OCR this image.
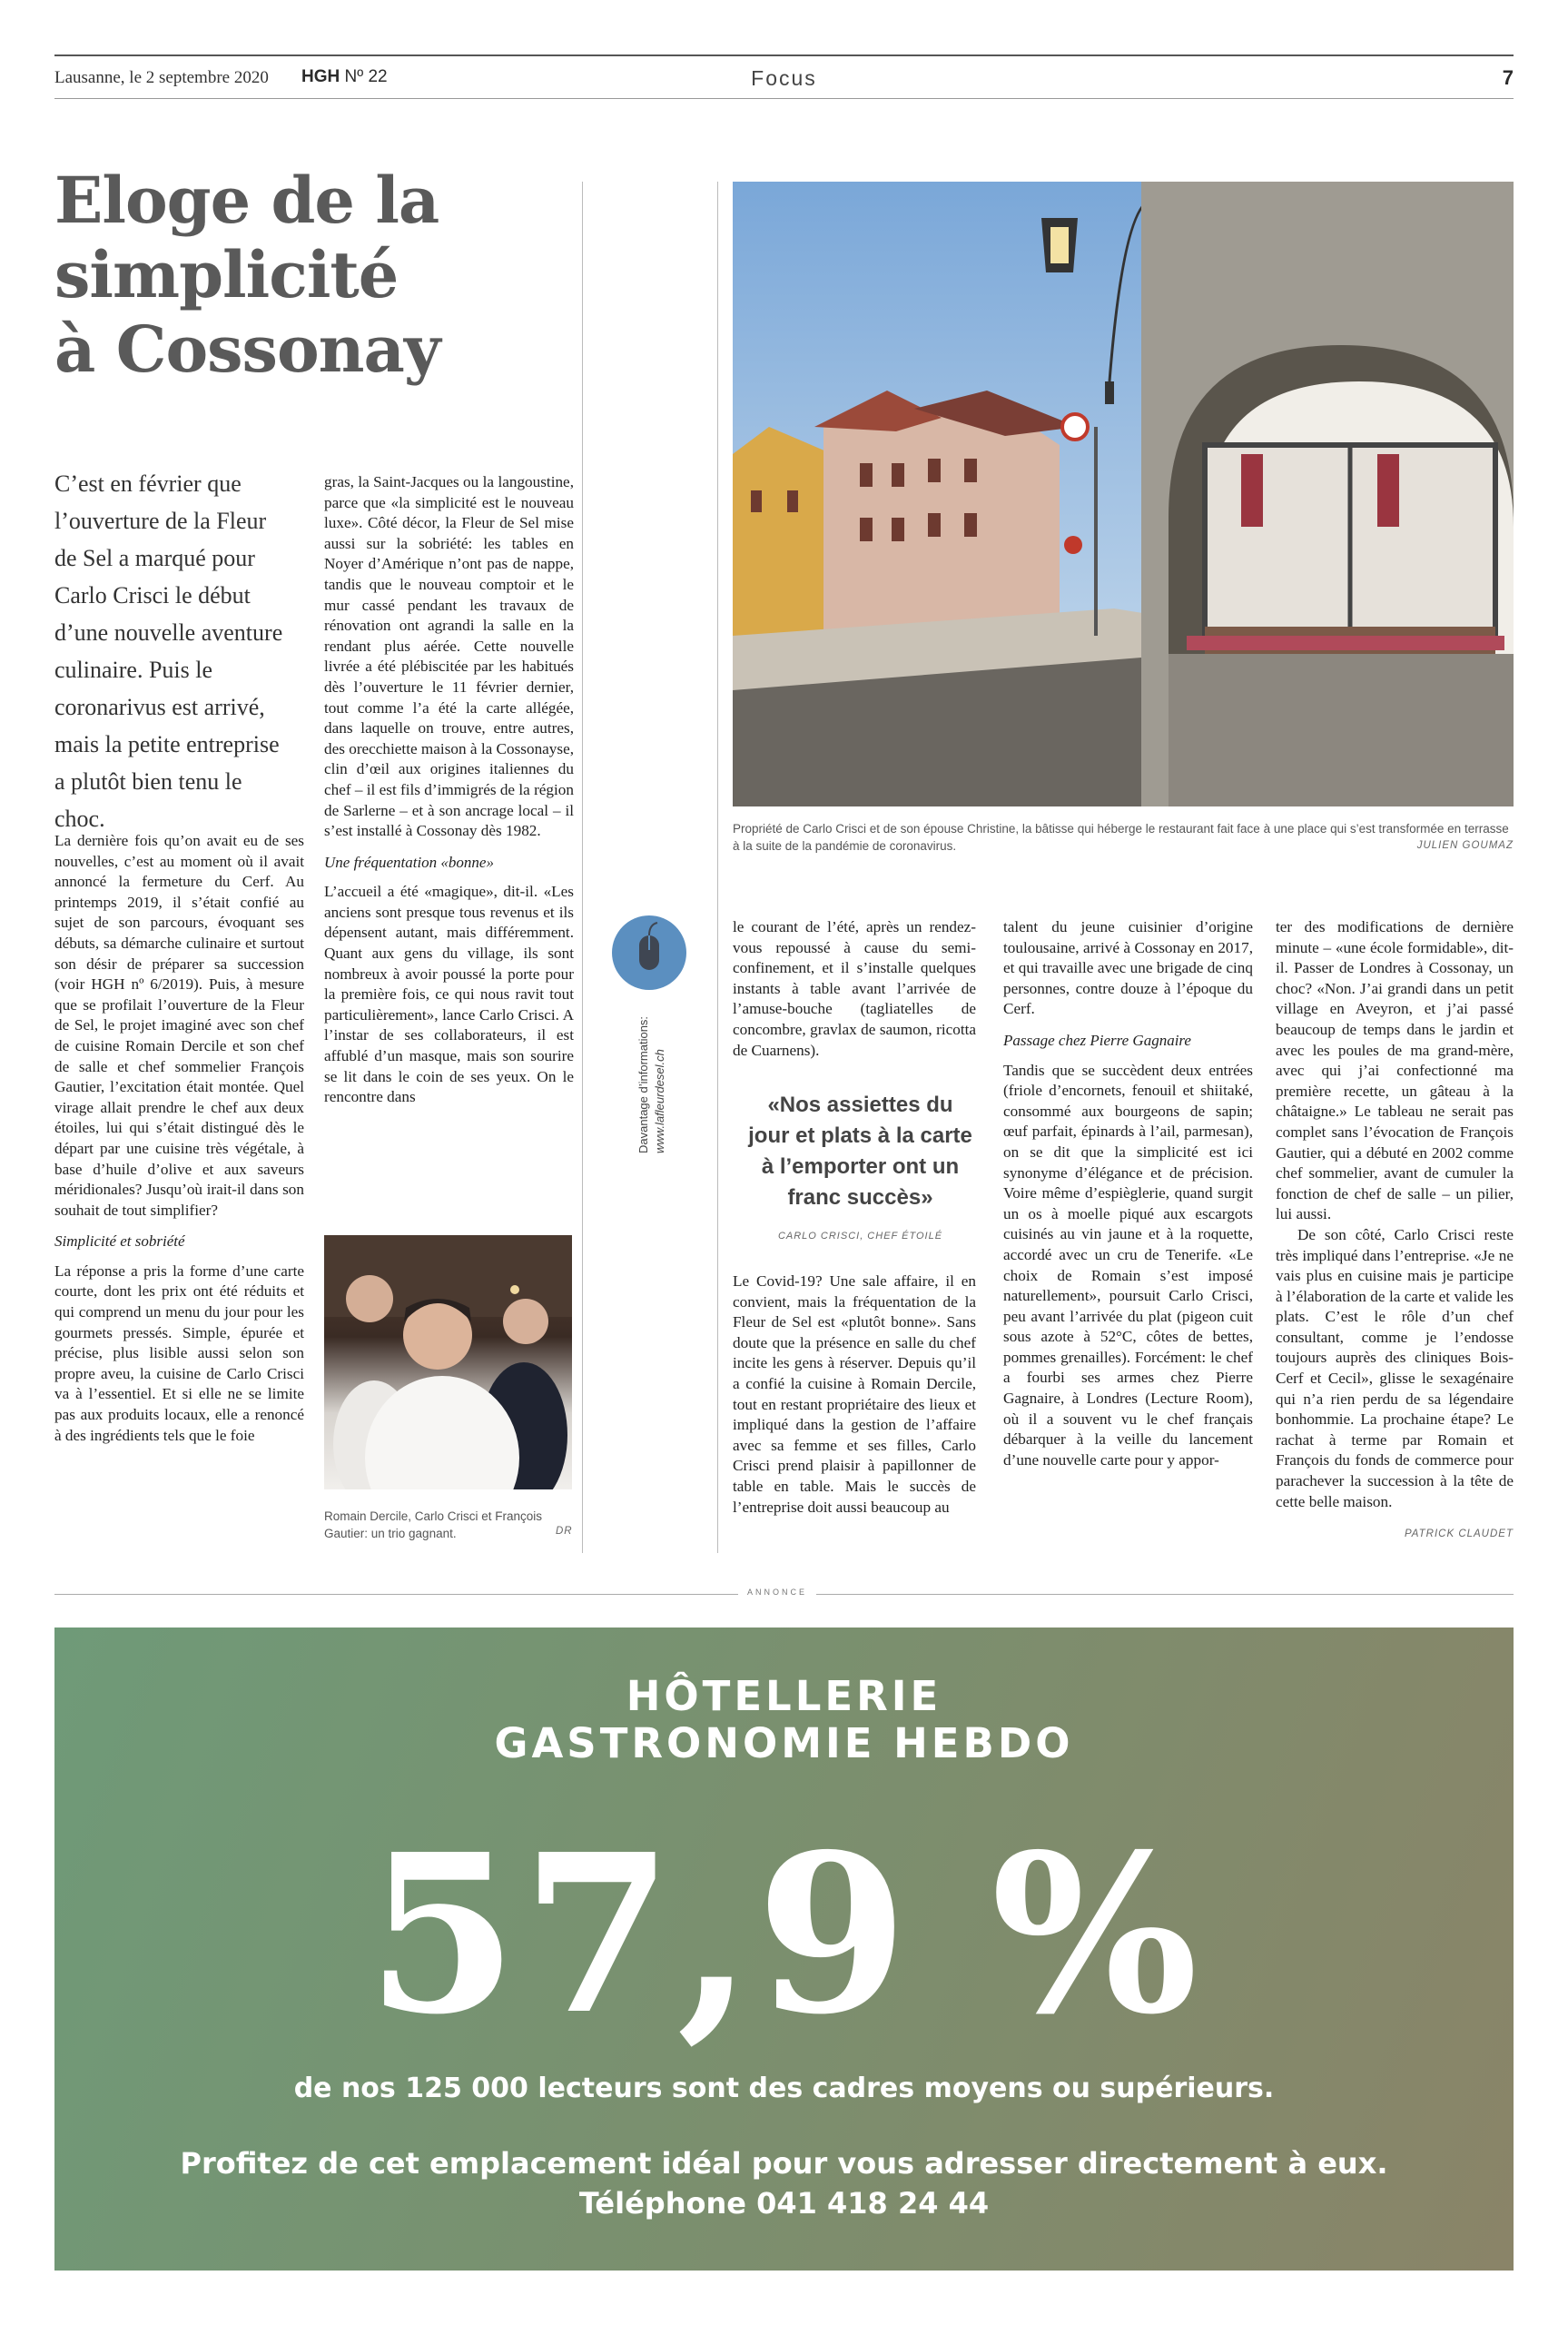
Lausanne, le 2 septembre 2020 HGH Nº 22	Focus	7
Eloge de la
simplicité
à Cossonay
C’est en février que l’ouverture de la Fleur de Sel a marqué pour Carlo Crisci le début d’une nouvelle aventure culinaire. Puis le coronarivus est arrivé, mais la petite entreprise a plutôt bien tenu le choc.

La dernière fois qu’on avait eu de ses nouvelles, c’est au moment où il avait annoncé la fermeture du Cerf. Au printemps 2019, il s’était confié au sujet de son parcours, évoquant ses débuts, sa démarche culinaire et surtout son désir de préparer sa succession (voir HGH nº 6/2019). Puis, à mesure que se profilait l’ouverture de la Fleur de Sel, le projet imaginé avec son chef de cuisine Romain Dercile et son chef de salle et chef sommelier François Gautier, l’excitation était montée. Quel virage allait prendre le chef aux deux étoiles, lui qui s’était distingué dès le départ par une cuisine très végétale, à base d’huile d’olive et aux saveurs méridionales? Jusqu’où irait-il dans son souhait de tout simplifier?

Simplicité et sobriété

La réponse a pris la forme d’une carte courte, dont les prix ont été réduits et qui comprend un menu du jour pour les gourmets pressés. Simple, épurée et précise, plus lisible aussi selon son propre aveu, la cuisine de Carlo Crisci va à l’essentiel. Et si elle ne se limite pas aux produits locaux, elle a renoncé à des ingrédients tels que le foie

gras, la Saint-Jacques ou la langoustine, parce que «la simplicité est le nouveau luxe». Côté décor, la Fleur de Sel mise aussi sur la sobriété: les tables en Noyer d’Amérique n’ont pas de nappe, tandis que le nouveau comptoir et le mur cassé pendant les travaux de rénovation ont agrandi la salle en la rendant plus aérée. Cette nouvelle livrée a été plébiscitée par les habitués dès l’ouverture le 11 février dernier, tout comme l’a été la carte allégée, dans laquelle on trouve, entre autres, des orecchiette maison à la Cossonayse, clin d’œil aux origines italiennes du chef – il est fils d’immigrés de la région de Sarlerne – et à son ancrage local – il s’est installé à Cossonay dès 1982.

Une fréquentation «bonne»

L’accueil a été «magique», dit-il. «Les anciens sont presque tous revenus et ils dépensent autant, mais différemment. Quant aux gens du village, ils sont nombreux à avoir poussé la porte pour la première fois, ce qui nous ravit tout particulièrement», lance Carlo Crisci. A l’instar de ses collaborateurs, il est affublé d’un masque, mais son sourire se lit dans le coin de ses yeux. On le rencontre dans

Romain Dercile, Carlo Crisci et François Gautier: un trio gagnant.	DR
Davantage d’informations: www.lafleurdesel.ch
Propriété de Carlo Crisci et de son épouse Christine, la bâtisse qui héberge le restaurant fait face à une place qui s’est transformée en terrasse à la suite de la pandémie de coronavirus.	JULIEN GOUMAZ

le courant de l’été, après un rendez-vous repoussé à cause du semi-confinement, et il s’installe quelques instants à table avant l’arrivée de l’amuse-bouche (tagliatelles de concombre, gravlax de saumon, ricotta de Cuarnens).

«Nos assiettes du jour et plats à la carte à l’emporter ont un franc succès»
CARLO CRISCI, CHEF ÉTOILÉ

Le Covid-19? Une sale affaire, il en convient, mais la fréquentation de la Fleur de Sel est «plutôt bonne». Sans doute que la présence en salle du chef incite les gens à réserver. Depuis qu’il a confié la cuisine à Romain Dercile, tout en restant propriétaire des lieux et impliqué dans la gestion de l’affaire avec sa femme et ses filles, Carlo Crisci prend plaisir à papillonner de table en table. Mais le succès de l’entreprise doit aussi beaucoup au

talent du jeune cuisinier d’origine toulousaine, arrivé à Cossonay en 2017, et qui travaille avec une brigade de cinq personnes, contre douze à l’époque du Cerf.

Passage chez Pierre Gagnaire

Tandis que se succèdent deux entrées (friole d’encornets, fenouil et shiitaké, consommé aux bourgeons de sapin; œuf parfait, épinards à l’ail, parmesan), on se dit que la simplicité est ici synonyme d’élégance et de précision. Voire même d’espièglerie, quand surgit un os à moelle piqué aux escargots cuisinés au vin jaune et à la roquette, accordé avec un cru de Tenerife. «Le choix de Romain s’est imposé naturellement», poursuit Carlo Crisci, peu avant l’arrivée du plat (pigeon cuit sous azote à 52°C, côtes de bettes, pommes grenailles). Forcément: le chef a fourbi ses armes chez Pierre Gagnaire, à Londres (Lecture Room), où il a souvent vu le chef français débarquer à la veille du lancement d’une nouvelle carte pour y appor-

ter des modifications de dernière minute – «une école formidable», dit-il. Passer de Londres à Cossonay, un choc? «Non. J’ai grandi dans un petit village en Aveyron, et j’ai passé beaucoup de temps dans le jardin et avec les poules de ma grand-mère, avec qui j’ai confectionné ma première recette, un gâteau à la châtaigne.» Le tableau ne serait pas complet sans l’évocation de François Gautier, qui a débuté en 2002 comme chef sommelier, avant de cumuler la fonction de chef de salle – un pilier, lui aussi.

De son côté, Carlo Crisci reste très impliqué dans l’entreprise. «Je ne vais plus en cuisine mais je participe à l’élaboration de la carte et valide les plats. C’est le rôle d’un chef consultant, comme je l’endosse toujours auprès des cliniques Bois-Cerf et Cecil», glisse le sexagénaire qui n’a rien perdu de sa légendaire bonhommie. La prochaine étape? Le rachat à terme par Romain et François du fonds de commerce pour parachever la succession à la tête de cette belle maison.

PATRICK CLAUDET
ANNONCE
HÔTELLERIE
GASTRONOMIE HEBDO
57,9 %
de nos 125 000 lecteurs sont des cadres moyens ou supérieurs.
Profitez de cet emplacement idéal pour vous adresser directement à eux.
Téléphone 041 418 24 44
